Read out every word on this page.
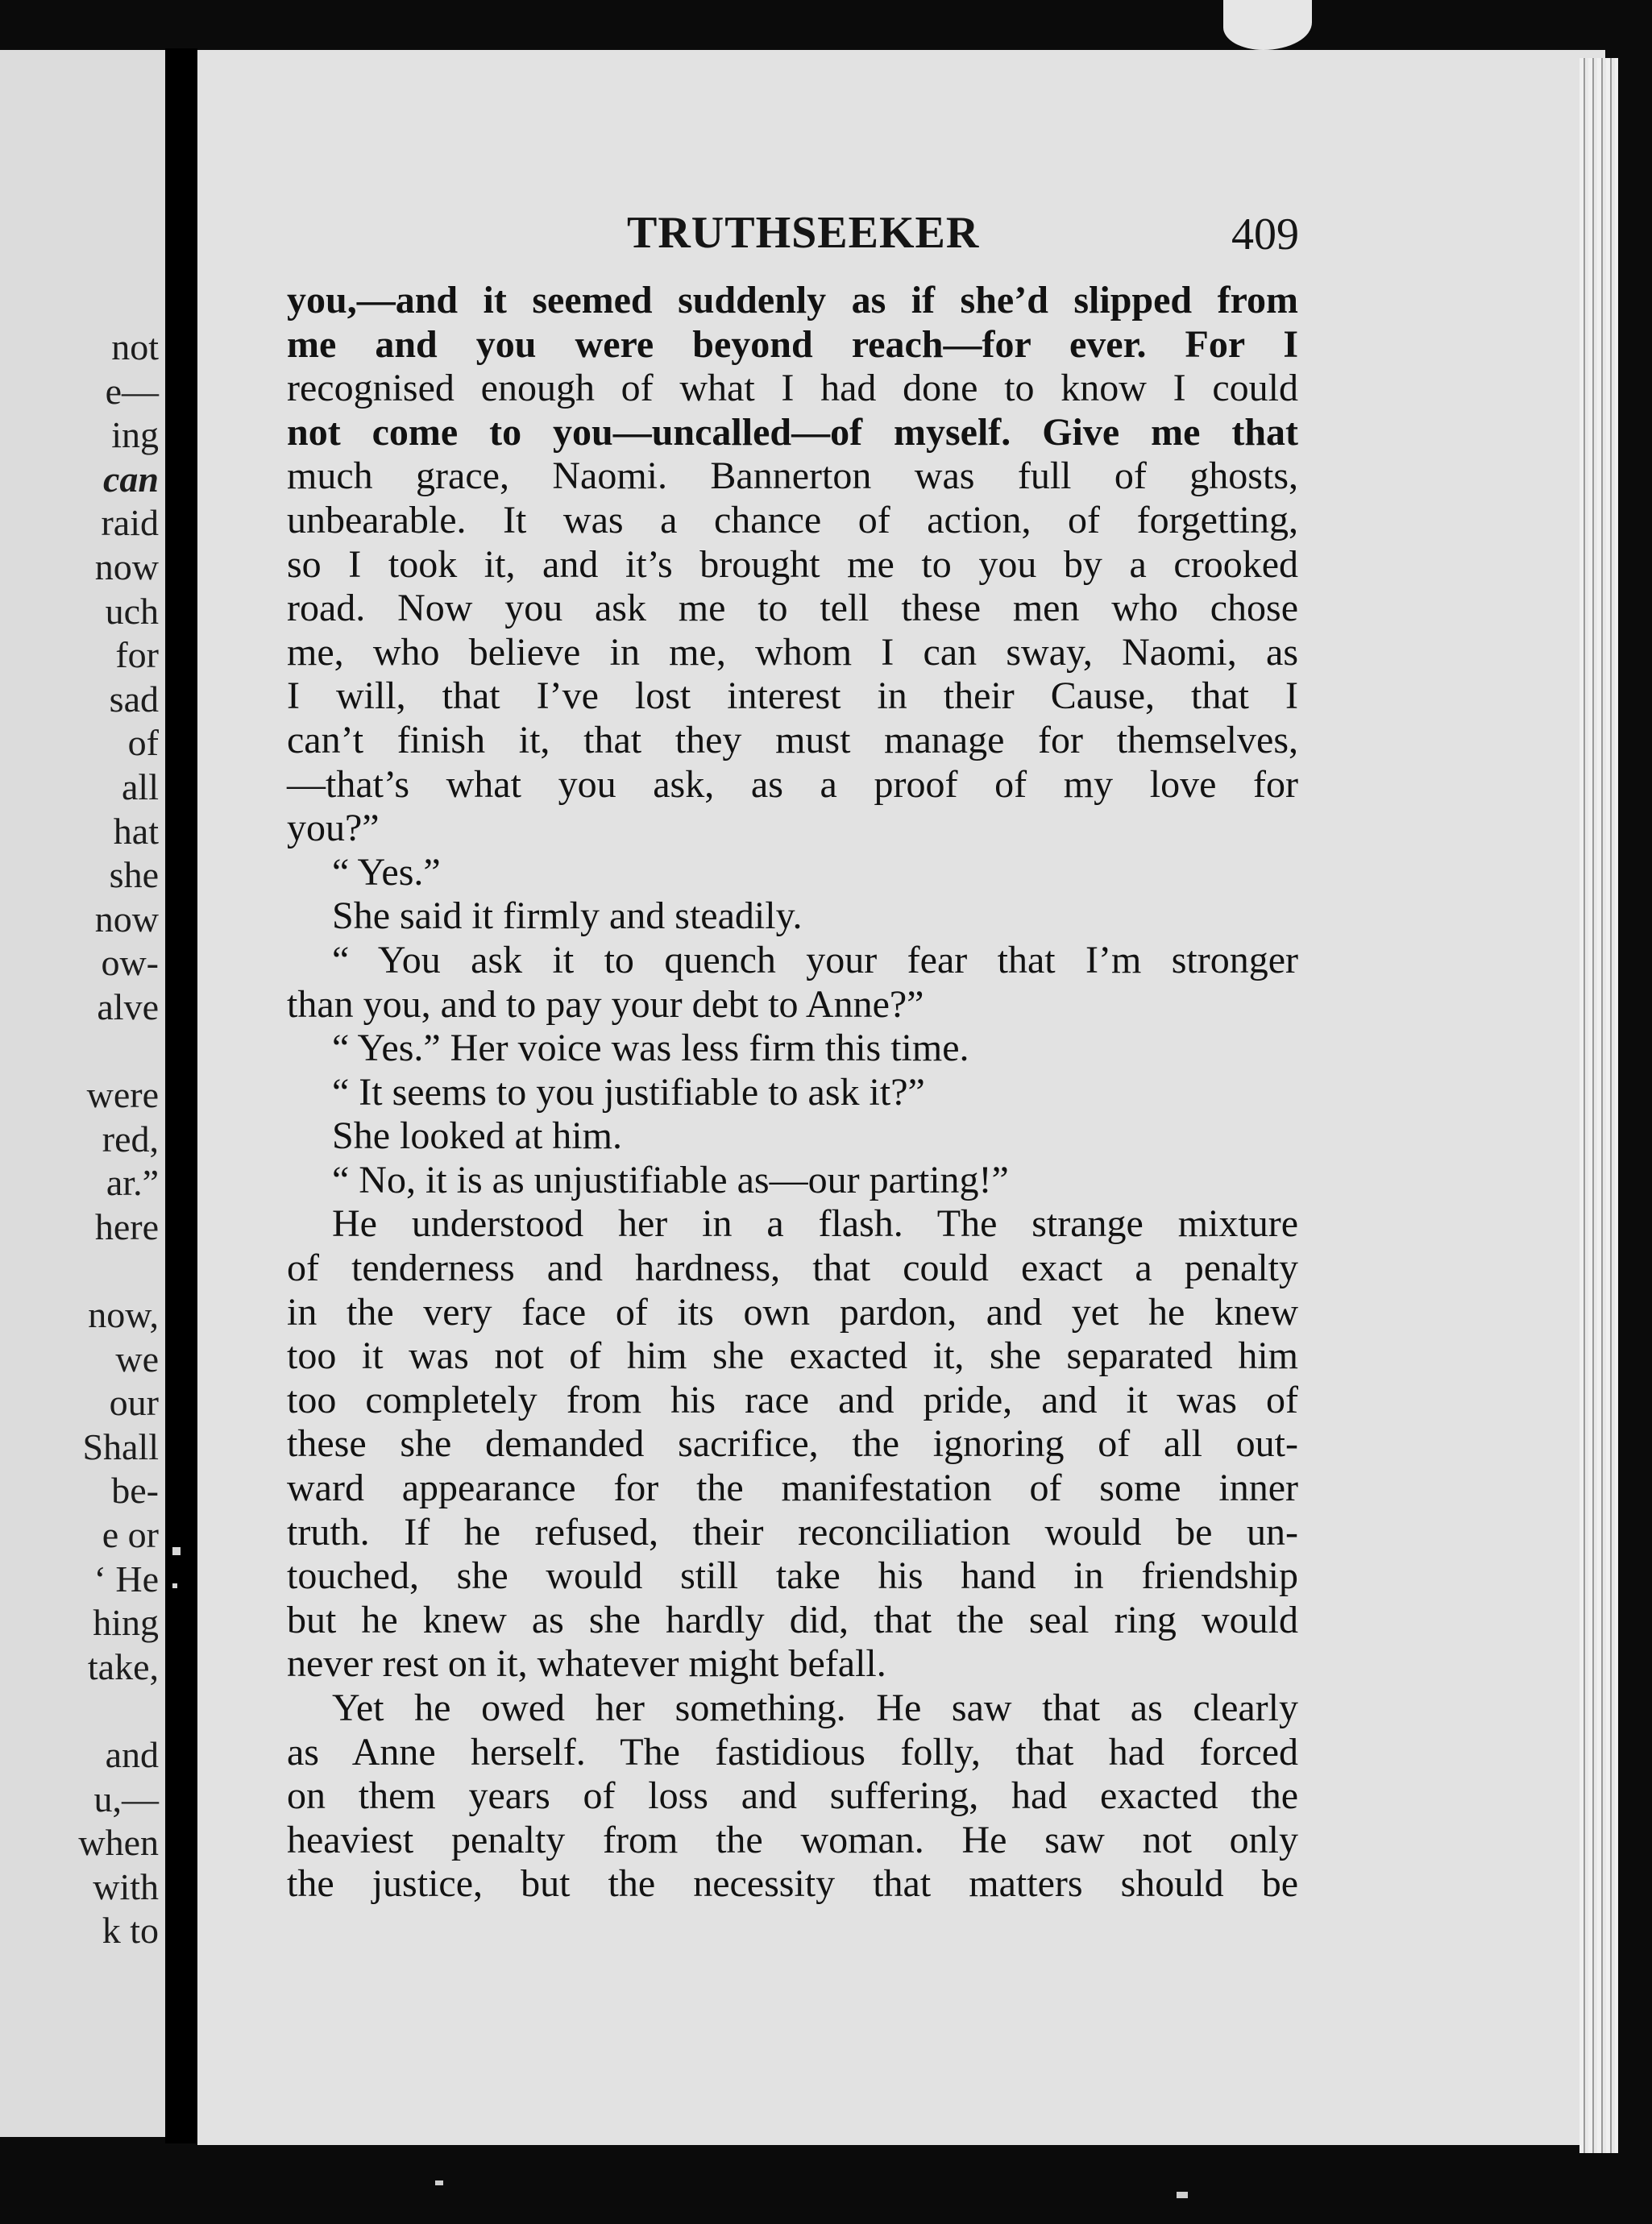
not
e—
ing
can
raid
now
uch
for
sad
of
all
hat
she
now
ow-
alve
were
red,
ar.”
here
now,
we
our
Shall
be-
e or
‘ He
hing
take,
and
u,—
when
with
k to
TRUTHSEEKER	409
you,—and it seemed suddenly as if she’d slipped from
me and you were beyond reach—for ever. For I
recognised enough of what I had done to know I could
not come to you—uncalled—of myself. Give me that
much grace, Naomi. Bannerton was full of ghosts,
unbearable. It was a chance of action, of forgetting,
so I took it, and it’s brought me to you by a crooked
road. Now you ask me to tell these men who chose
me, who believe in me, whom I can sway, Naomi, as
I will, that I’ve lost interest in their Cause, that I
can’t finish it, that they must manage for themselves,
—that’s what you ask, as a proof of my love for
you?”
“ Yes.”
She said it firmly and steadily.
“ You ask it to quench your fear that I’m stronger
than you, and to pay your debt to Anne?”
“ Yes.” Her voice was less firm this time.
“ It seems to you justifiable to ask it?”
She looked at him.
“ No, it is as unjustifiable as—our parting!”
He understood her in a flash. The strange mixture
of tenderness and hardness, that could exact a penalty
in the very face of its own pardon, and yet he knew
too it was not of him she exacted it, she separated him
too completely from his race and pride, and it was of
these she demanded sacrifice, the ignoring of all out-
ward appearance for the manifestation of some inner
truth. If he refused, their reconciliation would be un-
touched, she would still take his hand in friendship
but he knew as she hardly did, that the seal ring would
never rest on it, whatever might befall.
Yet he owed her something. He saw that as clearly
as Anne herself. The fastidious folly, that had forced
on them years of loss and suffering, had exacted the
heaviest penalty from the woman. He saw not only
the justice, but the necessity that matters should be
